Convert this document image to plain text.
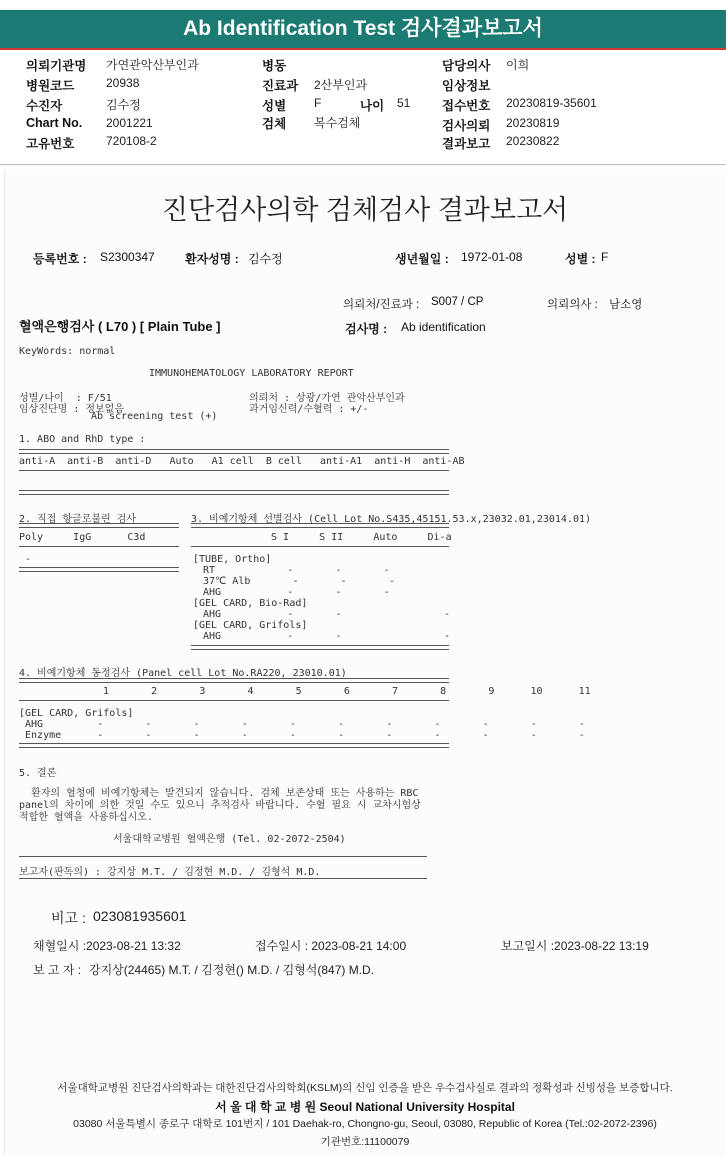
Ab Identification Test 검사결과보고서
의뢰기관명 가연관악산부인과
병원코드	20938
수진자	김수정
Chart No. 2001221
고유번호	720108-2
병동
진료과 2산부인과
성별 F	나이 51
검체 복수검체
담당의사 이희
임상정보
접수번호 20230819-35601
검사의뢰 20230819
결과보고 20230822
진단검사의학 검체검사 결과보고서
등록번호 : S2300347	환자성명 : 김수정	생년월일 : 1972-01-08	성별 : F
의뢰처/진료과 : S007 / CP	의뢰의사 : 남소영
혈액은행검사 ( L70 ) [ Plain Tube ]	검사명 : Ab identification
KeyWords: normal
IMMUNOHEMATOLOGY LABORATORY REPORT
성별/나이  : F/51
임상진단명 : 정보없음
Ab screening test (+)
의뢰처 : 상광/가연 관악산부인과
과거임신력/수혈력 : +/-
1. ABO and RhD type :
anti-A  anti-B  anti-D   Auto   A1 cell  B cell   anti-A1  anti-H  anti-AB
2. 직접 항글로불린 검사
Poly     IgG      C3d
-
3. 비예기항체 선별검사 (Cell Lot No.S435,45151.53.x,23032.01,23014.01)
S I     S II     Auto     Di-a
[TUBE, Ortho]
RT            -       -       -
37℃ Alb       -       -       -
AHG           -       -       -
[GEL CARD, Bio-Rad]
AHG           -       -                 -
[GEL CARD, Grifols]
AHG           -       -                 -
4. 비예기항체 동정검사 (Panel cell Lot No.RA220, 23010.01)
1       2       3       4       5       6       7       8       9      10      11
[GEL CARD, Grifols]
AHG         -       -       -       -       -       -       -       -       -       -       -
Enzyme      -       -       -       -       -       -       -       -       -       -       -
5. 결론
환자의 혈청에 비예기항체는 발견되지 않습니다. 검체 보존상태 또는 사용하는 RBC
panel의 차이에 의한 것일 수도 있으니 추적검사 바랍니다. 수혈 필요 시 교차시험상
적합한 혈액을 사용하십시오.
서울대학교병원 혈액은행 (Tel. 02-2072-2504)
보고자(판독의) : 강지상 M.T. / 김정현 M.D. / 김형석 M.D.
비고 : 023081935601
채혈일시 :2023-08-21 13:32	접수일시 : 2023-08-21 14:00	보고일시 :2023-08-22 13:19
보 고 자 : 강지상(24465) M.T. / 김정현() M.D. / 김형석(847) M.D.
서울대학교병원 진단검사의학과는 대한진단검사의학회(KSLM)의 신임 인증을 받은 우수검사실로 결과의 정확성과 신빙성을 보증합니다.
서 울 대 학 교 병 원 Seoul National University Hospital
03080 서울특별시 종로구 대학로 101번지 / 101 Daehak-ro, Chongno-gu, Seoul, 03080, Republic of Korea (Tel.:02-2072-2396)
기관번호:11100079
